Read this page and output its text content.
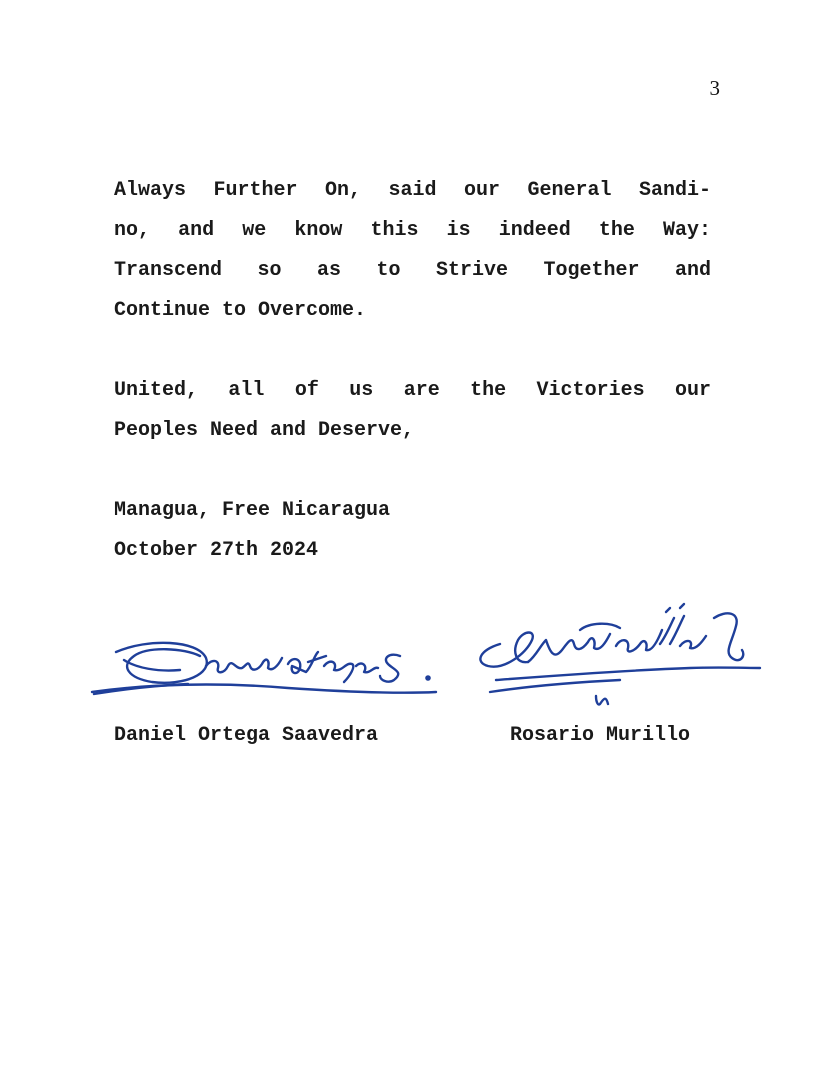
3
Always Further On, said our General Sandi-
no, and we know this is indeed the Way:
Transcend so as to Strive Together and
Continue to Overcome.
United, all of us are the Victories our
Peoples Need and Deserve,
Managua, Free Nicaragua
October 27th 2024
Daniel Ortega Saavedra	Rosario Murillo
